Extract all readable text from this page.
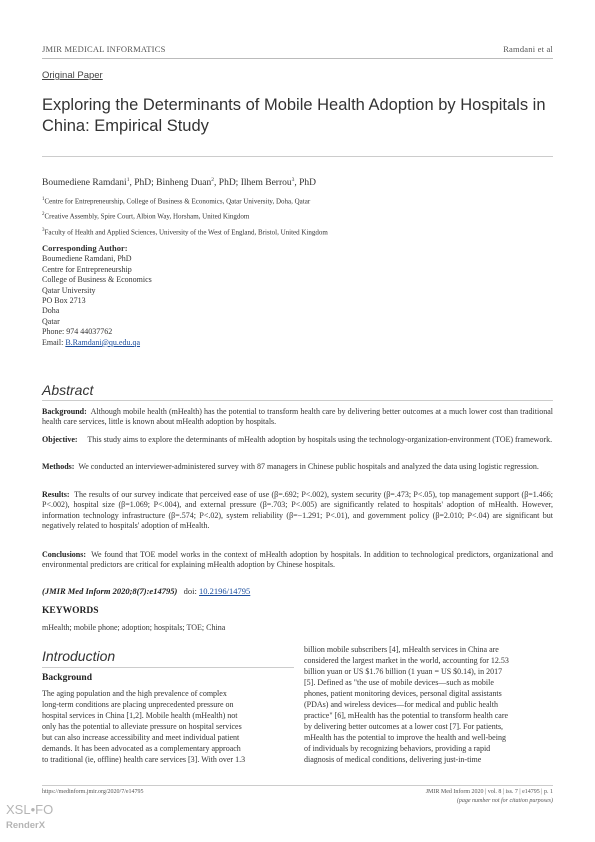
JMIR MEDICAL INFORMATICS	Ramdani et al
Original Paper
Exploring the Determinants of Mobile Health Adoption by Hospitals in China: Empirical Study
Boumediene Ramdani$^1$, PhD; Binheng Duan$^2$, PhD; Ilhem Berrou$^3$, PhD
$^1$Centre for Entrepreneurship, College of Business & Economics, Qatar University, Doha, Qatar
$^2$Creative Assembly, Spire Court, Albion Way, Horsham, United Kingdom
$^3$Faculty of Health and Applied Sciences, University of the West of England, Bristol, United Kingdom
Corresponding Author:
Boumediene Ramdani, PhD
Centre for Entrepreneurship
College of Business & Economics
Qatar University
PO Box 2713
Doha
Qatar
Phone: 974 44037762
Email: B.Ramdani@qu.edu.qa
Abstract
Background: Although mobile health (mHealth) has the potential to transform health care by delivering better outcomes at a much lower cost than traditional health care services, little is known about mHealth adoption by hospitals.
Objective: This study aims to explore the determinants of mHealth adoption by hospitals using the technology-organization-environment (TOE) framework.
Methods: We conducted an interviewer-administered survey with 87 managers in Chinese public hospitals and analyzed the data using logistic regression.
Results: The results of our survey indicate that perceived ease of use (β=.692; P<.002), system security (β=.473; P<.05), top management support (β=1.466; P<.002), hospital size (β=1.069; P<.004), and external pressure (β=.703; P<.005) are significantly related to hospitals' adoption of mHealth. However, information technology infrastructure (β=.574; P<.02), system reliability (β=−1.291; P<.01), and government policy (β=2.010; P<.04) are significant but negatively related to hospitals' adoption of mHealth.
Conclusions: We found that TOE model works in the context of mHealth adoption by hospitals. In addition to technological predictors, organizational and environmental predictors are critical for explaining mHealth adoption by Chinese hospitals.
(JMIR Med Inform 2020;8(7):e14795) doi: 10.2196/14795
KEYWORDS
mHealth; mobile phone; adoption; hospitals; TOE; China
Introduction
Background
The aging population and the high prevalence of complex
long-term conditions are placing unprecedented pressure on
hospital services in China [1,2]. Mobile health (mHealth) not
only has the potential to alleviate pressure on hospital services
but can also increase accessibility and meet individual patient
demands. It has been advocated as a complementary approach
to traditional (ie, offline) health care services [3]. With over 1.3
billion mobile subscribers [4], mHealth services in China are
considered the largest market in the world, accounting for 12.53
billion yuan or US $1.76 billion (1 yuan = US $0.14), in 2017
[5]. Defined as "the use of mobile devices—such as mobile
phones, patient monitoring devices, personal digital assistants
(PDAs) and wireless devices—for medical and public health
practice" [6], mHealth has the potential to transform health care
by delivering better outcomes at a lower cost [7]. For patients,
mHealth has the potential to improve the health and well-being
of individuals by recognizing behaviors, providing a rapid
diagnosis of medical conditions, delivering just-in-time
https://medinform.jmir.org/2020/7/e14795	JMIR Med Inform 2020 | vol. 8 | iss. 7 | e14795 | p. 1
(page number not for citation purposes)
XSL•FO
RenderX
